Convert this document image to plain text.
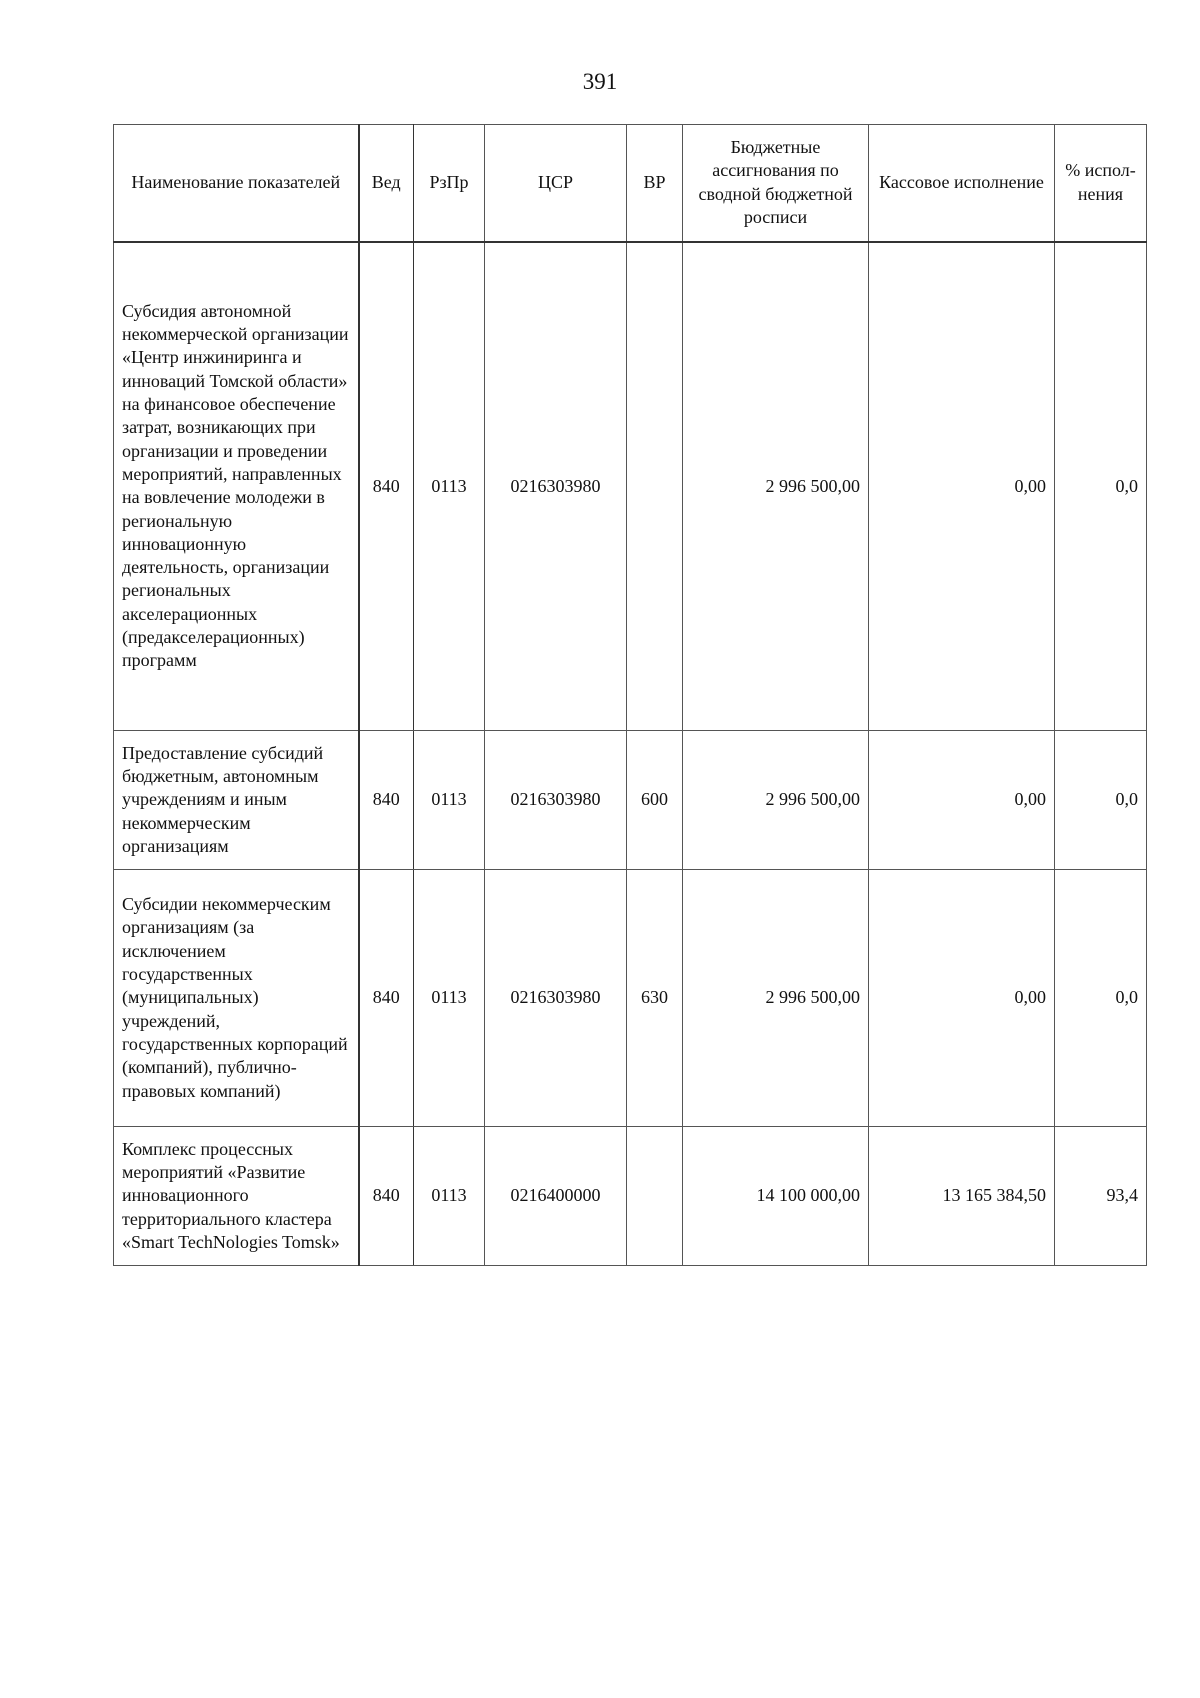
391
Наименование показателей	Вед	РзПр	ЦСР	ВР	Бюджетные ассигнования по сводной бюджетной росписи	Кассовое исполнение	% испол-нения
Субсидия автономной некоммерческой организации «Центр инжиниринга и инноваций Томской области» на финансовое обеспечение затрат, возникающих при организации и проведении мероприятий, направленных на вовлечение молодежи в региональную инновационную деятельность, организации региональных акселерационных (предакселерационных) программ	840	0113	0216303980		2 996 500,00	0,00	0,0
Предоставление субсидий бюджетным, автономным учреждениям и иным некоммерческим организациям	840	0113	0216303980	600	2 996 500,00	0,00	0,0
Субсидии некоммерческим организациям (за исключением государственных (муниципальных) учреждений, государственных корпораций (компаний), публично-правовых компаний)	840	0113	0216303980	630	2 996 500,00	0,00	0,0
Комплекс процессных мероприятий «Развитие инновационного территориального кластера «Smart TechNologies Tomsk»	840	0113	0216400000		14 100 000,00	13 165 384,50	93,4
